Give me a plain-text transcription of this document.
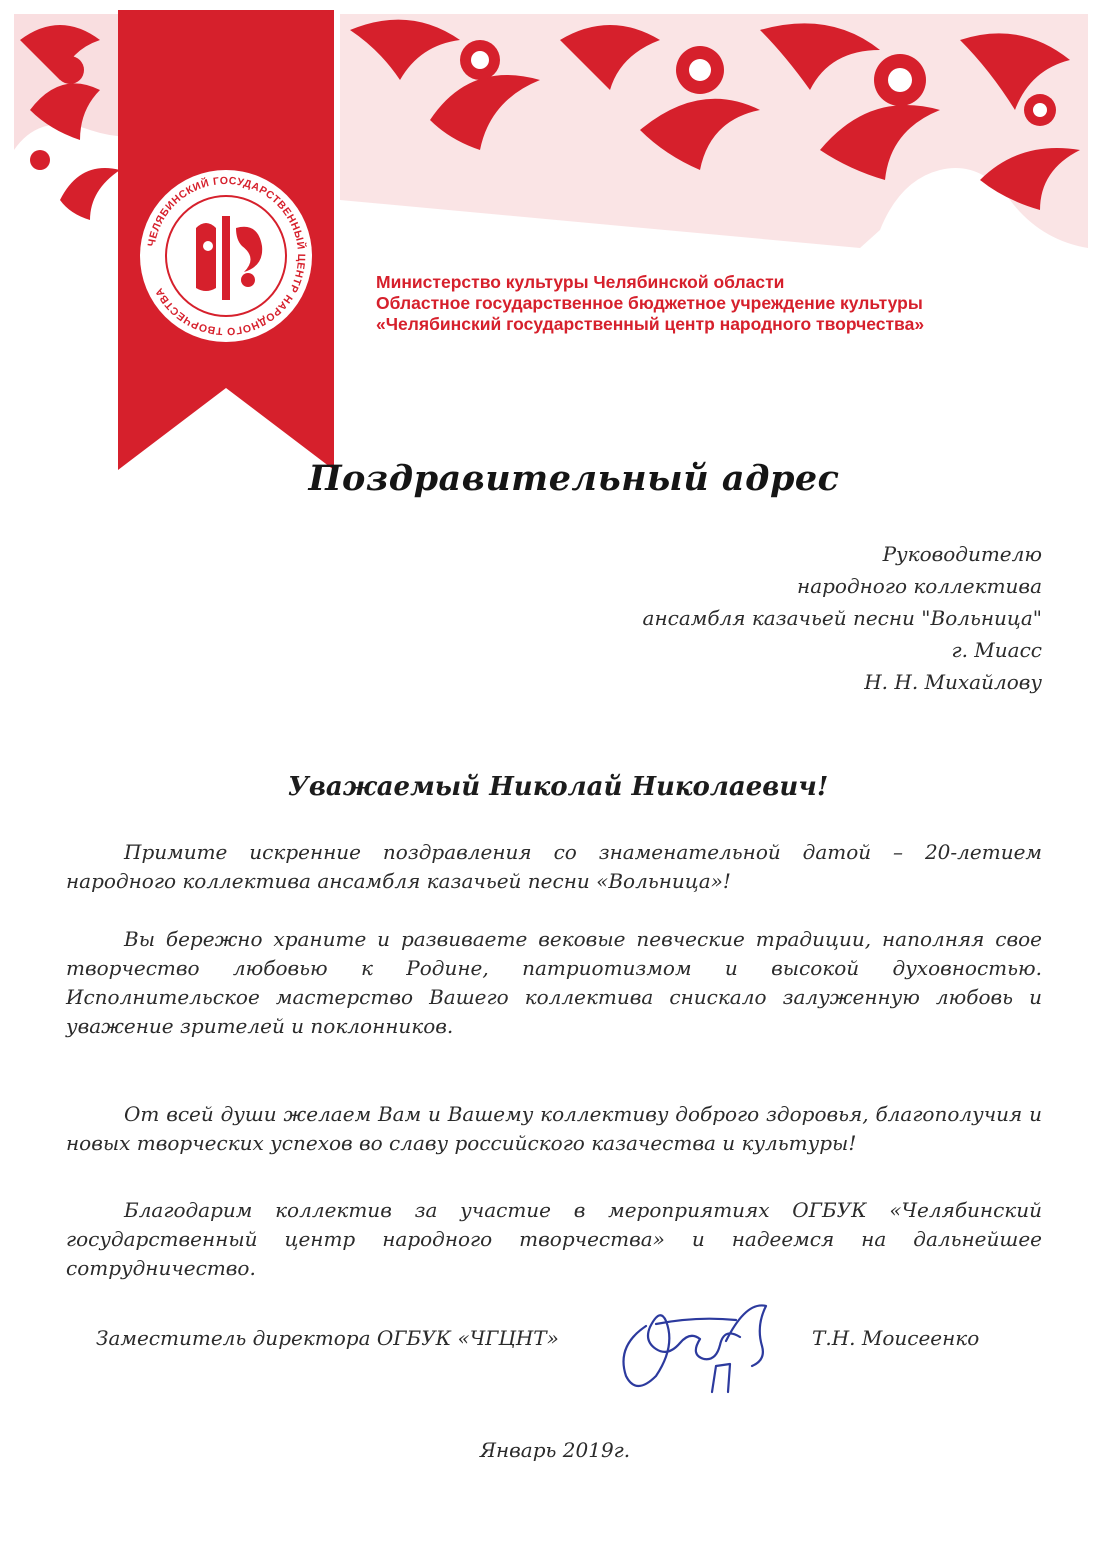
ЧЕЛЯБИНСКИЙ ГОСУДАРСТВЕННЫЙ ЦЕНТР НАРОДНОГО ТВОРЧЕСТВА
Министерство культуры Челябинской области
Областное государственное бюджетное учреждение культуры
«Челябинский государственный центр народного творчества»
Поздравительный адрес
Руководителю
народного коллектива
ансамбля казачьей песни "Вольница"
г. Миасс
Н. Н. Михайлову
Уважаемый Николай Николаевич!

Примите искренние поздравления со знаменательной датой – 20-летием народного коллектива ансамбля казачьей песни «Вольница»!

Вы бережно храните и развиваете вековые певческие традиции, наполняя свое творчество любовью к Родине, патриотизмом и высокой духовностью. Исполнительское мастерство Вашего коллектива снискало залуженную любовь и уважение зрителей и поклонников.

От всей души желаем Вам и Вашему коллективу доброго здоровья, благополучия и новых творческих успехов во славу российского казачества и культуры!

Благодарим коллектив за участие в мероприятиях ОГБУК «Челябинский государственный центр народного творчества» и надеемся на дальнейшее сотрудничество.

Заместитель директора ОГБУК «ЧГЦНТ»	Т.Н. Моисеенко
Январь 2019г.
